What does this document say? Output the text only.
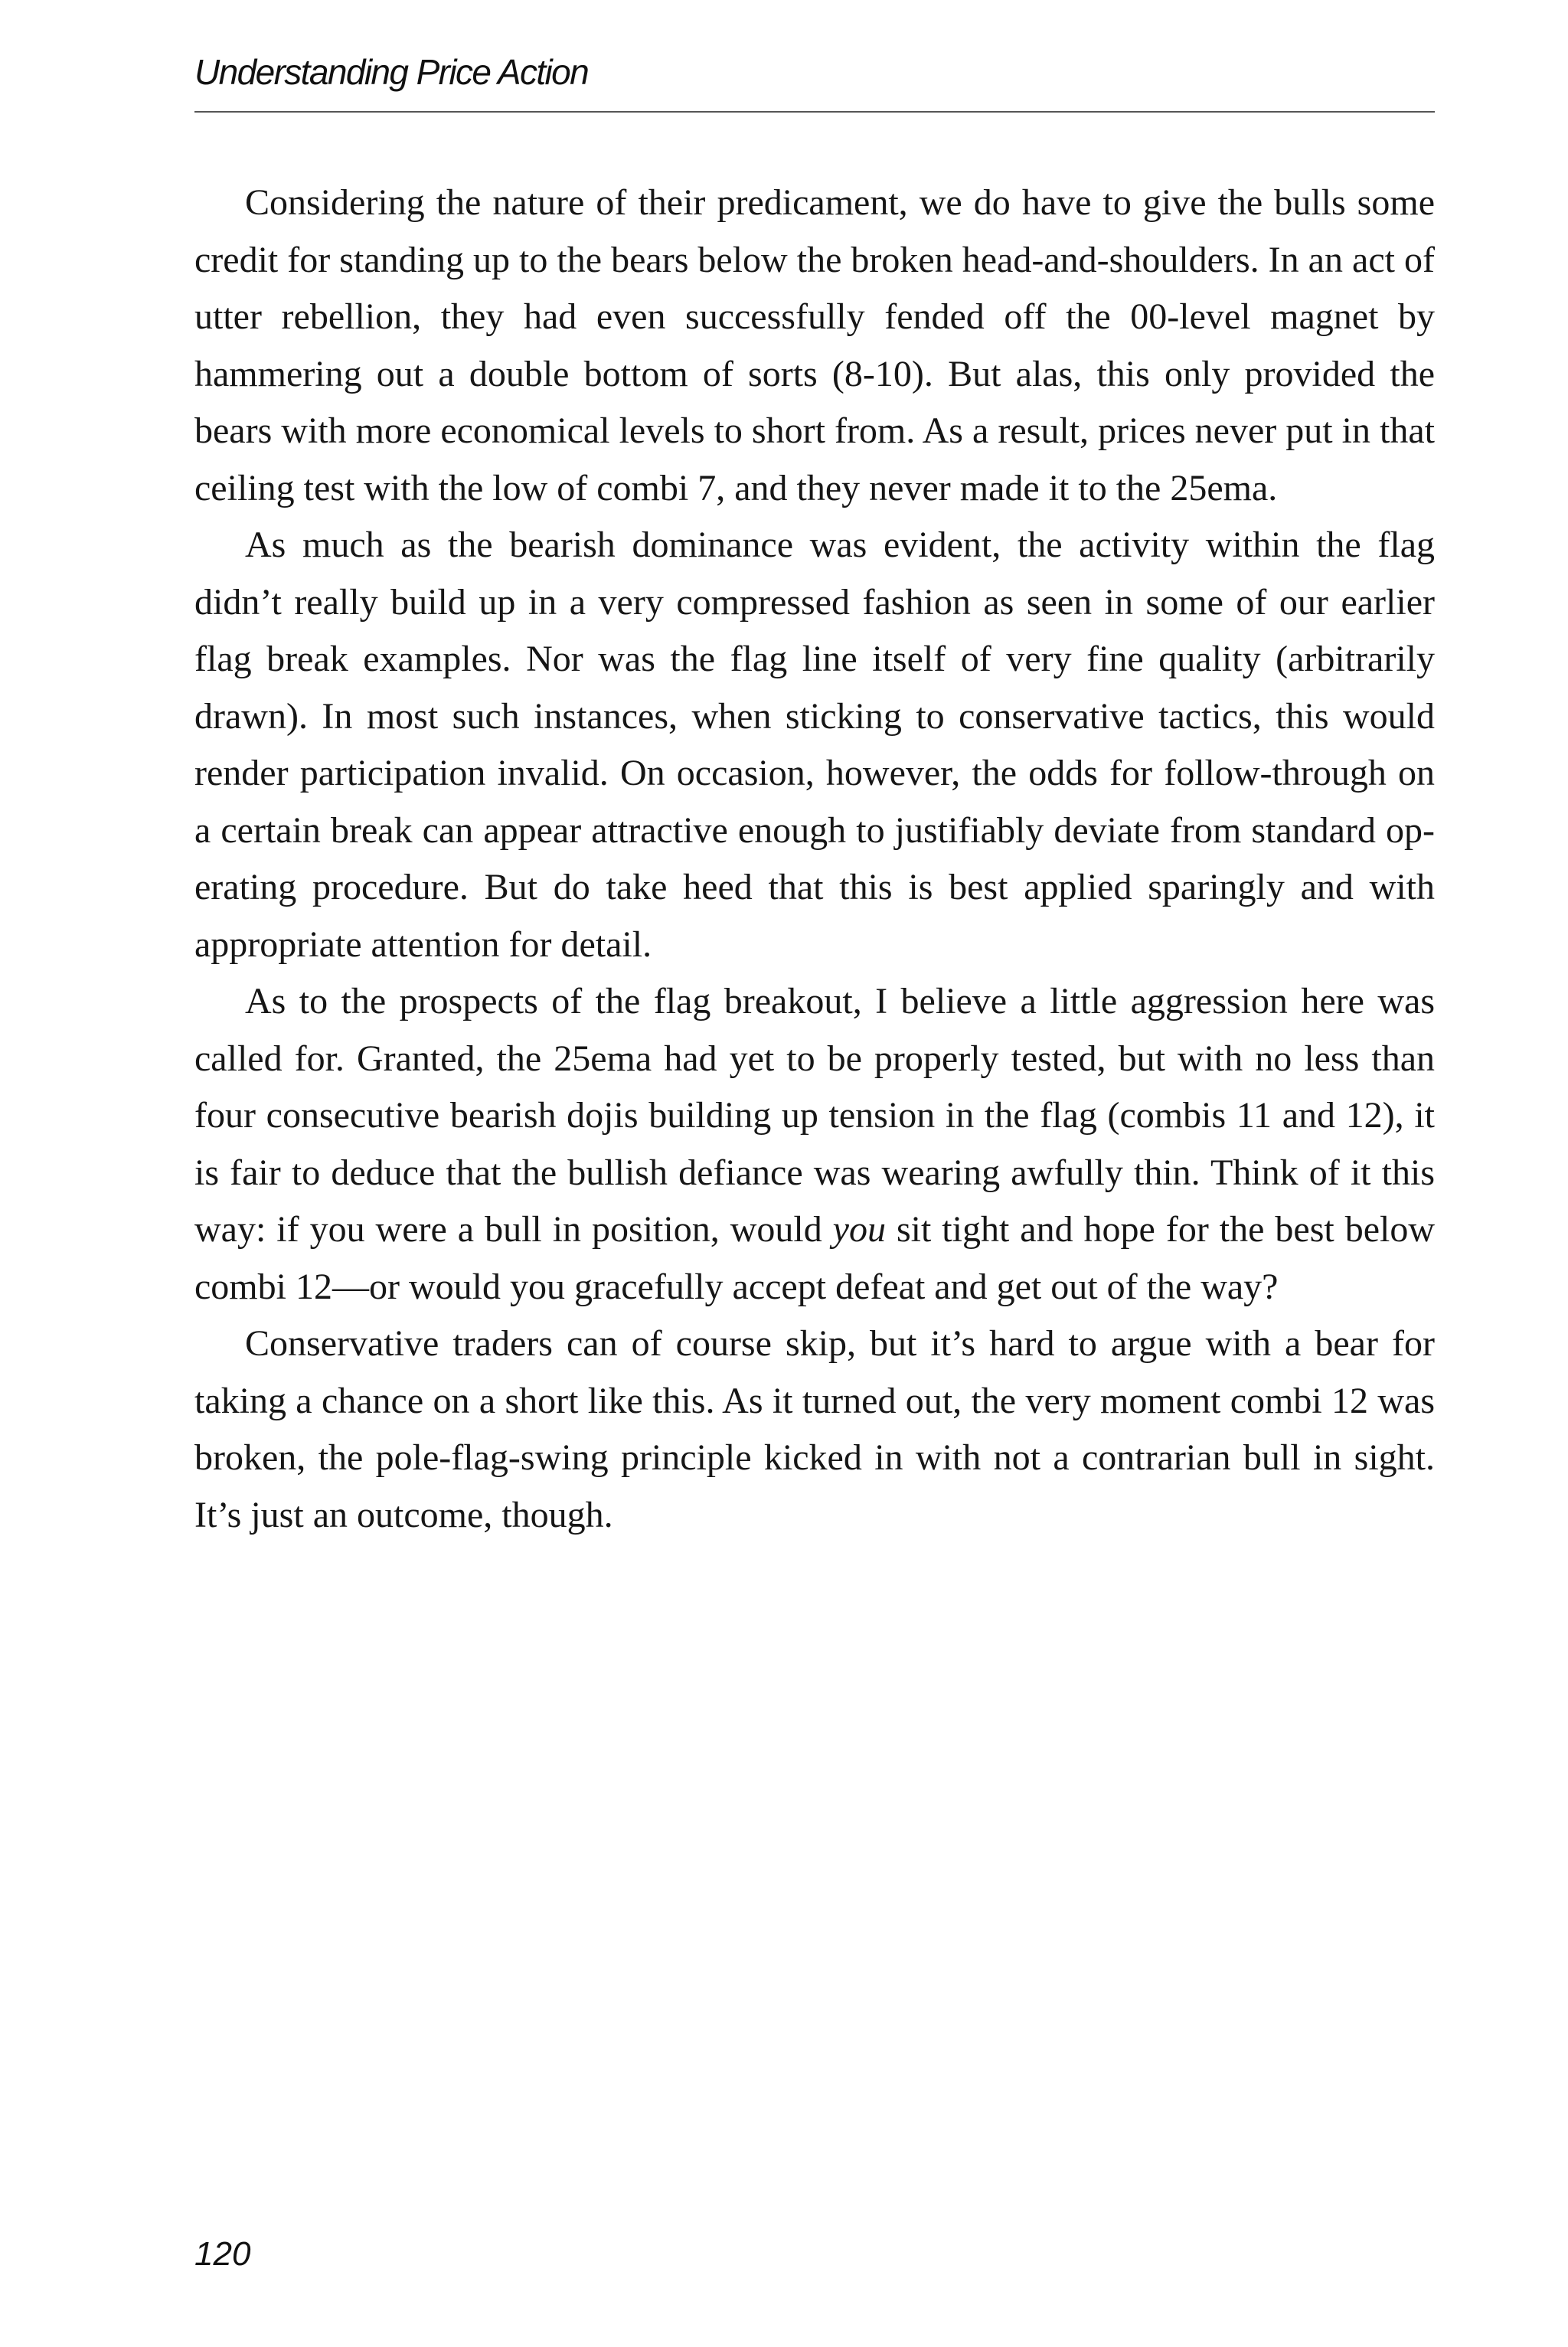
Understanding Price Action

Considering the nature of their predicament, we do have to give the bulls some credit for standing up to the bears below the broken head-and-shoulders. In an act of utter rebellion, they had even successfully fended off the 00-level magnet by hammering out a double bottom of sorts (8-10). But alas, this only provided the bears with more economical levels to short from. As a result, prices never put in that ceiling test with the low of combi 7, and they never made it to the 25ema.

As much as the bearish dominance was evident, the activity within the flag didn’t really build up in a very compressed fashion as seen in some of our earlier flag break examples. Nor was the flag line itself of very fine quality (arbitrarily drawn). In most such instances, when sticking to conservative tactics, this would render participation invalid. On occasion, however, the odds for follow-through on a certain break can appear attractive enough to justifiably deviate from standard operating procedure. But do take heed that this is best applied sparingly and with appropriate attention for detail.

As to the prospects of the flag breakout, I believe a little aggression here was called for. Granted, the 25ema had yet to be properly tested, but with no less than four consecutive bearish dojis building up tension in the flag (combis 11 and 12), it is fair to deduce that the bullish defiance was wearing awfully thin. Think of it this way: if you were a bull in position, would you sit tight and hope for the best below combi 12—or would you gracefully accept defeat and get out of the way?

Conservative traders can of course skip, but it’s hard to argue with a bear for taking a chance on a short like this. As it turned out, the very moment combi 12 was broken, the pole-flag-swing principle kicked in with not a contrarian bull in sight. It’s just an outcome, though.

120
